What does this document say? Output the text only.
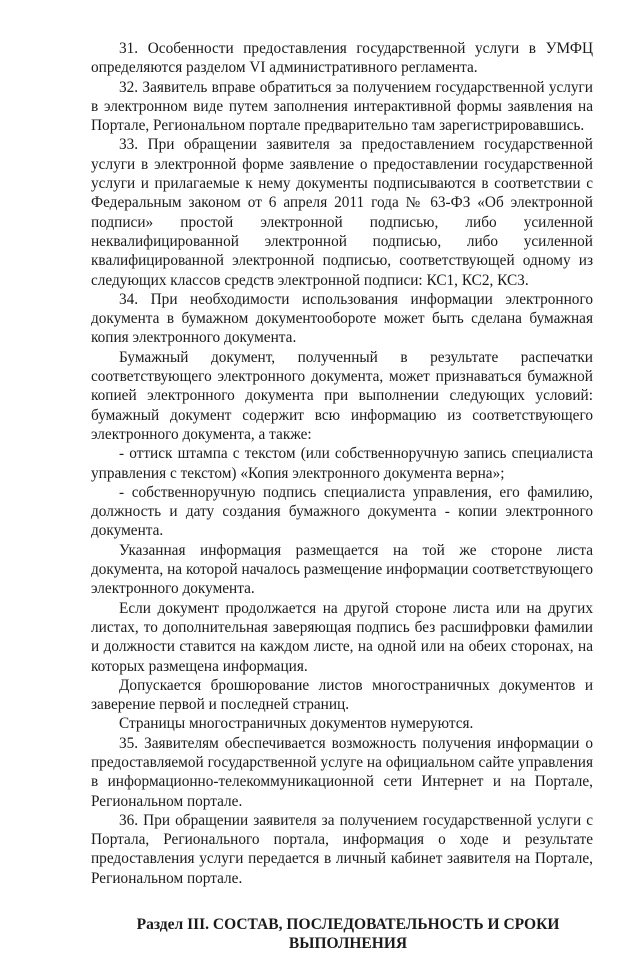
31. Особенности предоставления государственной услуги в УМФЦ определяются разделом VI административного регламента.

32. Заявитель вправе обратиться за получением государственной услуги в электронном виде путем заполнения интерактивной формы заявления на Портале, Региональном портале предварительно там зарегистрировавшись.

33. При обращении заявителя за предоставлением государственной услуги в электронной форме заявление о предоставлении государственной услуги и прилагаемые к нему документы подписываются в соответствии с Федеральным законом от 6 апреля 2011 года № 63-ФЗ «Об электронной подписи» простой электронной подписью, либо усиленной неквалифицированной электронной подписью, либо усиленной квалифицированной электронной подписью, соответствующей одному из следующих классов средств электронной подписи: КС1, КС2, КС3.

34. При необходимости использования информации электронного документа в бумажном документообороте может быть сделана бумажная копия электронного документа.

Бумажный документ, полученный в результате распечатки соответствующего электронного документа, может признаваться бумажной копией электронного документа при выполнении следующих условий: бумажный документ содержит всю информацию из соответствующего электронного документа, а также:

- оттиск штампа с текстом (или собственноручную запись специалиста управления с текстом) «Копия электронного документа верна»;

- собственноручную подпись специалиста управления, его фамилию, должность и дату создания бумажного документа - копии электронного документа.

Указанная информация размещается на той же стороне листа документа, на которой началось размещение информации соответствующего электронного документа.

Если документ продолжается на другой стороне листа или на других листах, то дополнительная заверяющая подпись без расшифровки фамилии и должности ставится на каждом листе, на одной или на обеих сторонах, на которых размещена информация.

Допускается брошюрование листов многостраничных документов и заверение первой и последней страниц.

Страницы многостраничных документов нумеруются.

35. Заявителям обеспечивается возможность получения информации о предоставляемой государственной услуге на официальном сайте управления в информационно-телекоммуникационной сети Интернет и на Портале, Региональном портале.

36. При обращении заявителя за получением государственной услуги с Портала, Регионального портала, информация о ходе и результате предоставления услуги передается в личный кабинет заявителя на Портале, Региональном портале.

Раздел III. СОСТАВ, ПОСЛЕДОВАТЕЛЬНОСТЬ И СРОКИ
ВЫПОЛНЕНИЯ
